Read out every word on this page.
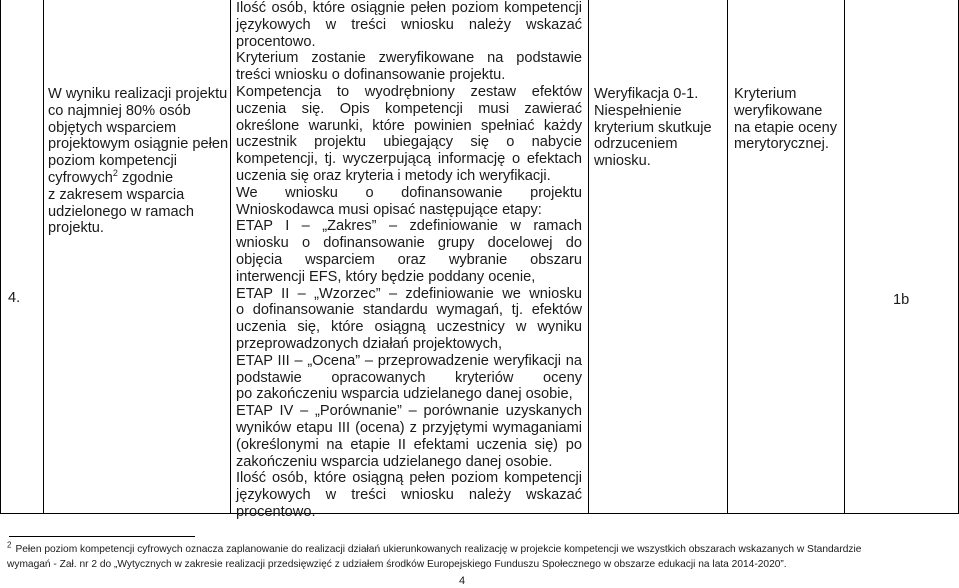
4.
W wyniku realizacji projektu
co najmniej 80% osób
objętych wsparciem
projektowym osiągnie pełen
poziom kompetencji
cyfrowych$^2$ zgodnie
z zakresem wsparcia
udzielonego w ramach
projektu.
Ilość osób, które osiągnie pełen poziom kompetencji
językowych w treści wniosku należy wskazać
procentowo.
Kryterium zostanie zweryfikowane na podstawie
treści wniosku o dofinansowanie projektu.
Kompetencja to wyodrębniony zestaw efektów
uczenia się. Opis kompetencji musi zawierać
określone warunki, które powinien spełniać każdy
uczestnik projektu ubiegający się o nabycie
kompetencji, tj. wyczerpującą informację o efektach
uczenia się oraz kryteria i metody ich weryfikacji.
We wniosku o dofinansowanie projektu
Wnioskodawca musi opisać następujące etapy:
ETAP I – „Zakres” – zdefiniowanie w ramach
wniosku o dofinansowanie grupy docelowej do
objęcia wsparciem oraz wybranie obszaru
interwencji EFS, który będzie poddany ocenie,
ETAP II – „Wzorzec” – zdefiniowanie we wniosku
o dofinansowanie standardu wymagań, tj. efektów
uczenia się, które osiągną uczestnicy w wyniku
przeprowadzonych działań projektowych,
ETAP III – „Ocena” – przeprowadzenie weryfikacji na
podstawie opracowanych kryteriów oceny
po zakończeniu wsparcia udzielanego danej osobie,
ETAP IV – „Porównanie” – porównanie uzyskanych
wyników etapu III (ocena) z przyjętymi wymaganiami
(określonymi na etapie II efektami uczenia się) po
zakończeniu wsparcia udzielanego danej osobie.
Ilość osób, które osiągną pełen poziom kompetencji
językowych w treści wniosku należy wskazać
procentowo.
Weryfikacja 0-1.
Niespełnienie
kryterium skutkuje
odrzuceniem
wniosku.
Kryterium
weryfikowane
na etapie oceny
merytorycznej.
1b
$^2$ Pełen poziom kompetencji cyfrowych oznacza zaplanowanie do realizacji działań ukierunkowanych realizację w projekcie kompetencji we wszystkich obszarach wskazanych w Standardzie
wymagań - Zał. nr 2 do „Wytycznych w zakresie realizacji przedsięwzięć z udziałem środków Europejskiego Funduszu Społecznego w obszarze edukacji na lata 2014-2020”.
4
